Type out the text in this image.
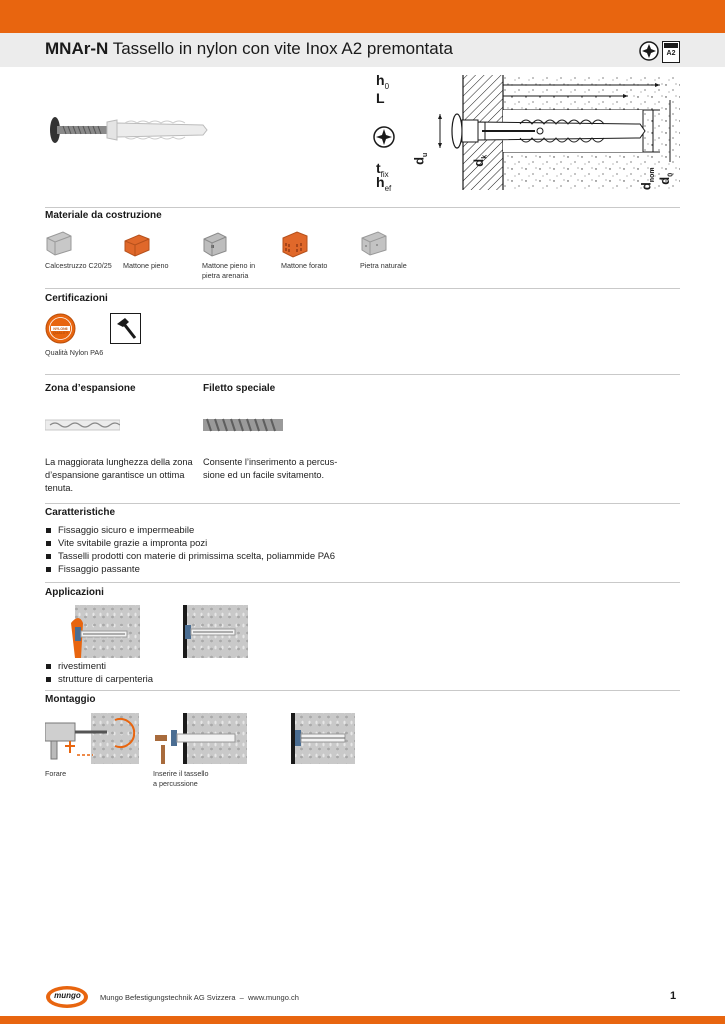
MNAr-N Tassello in nylon con vite Inox A2 premontata	A2
$h_0$
L
$t_{fix}$
$h_{ef}$
$d_u$
$d_k$
$d_{nom}$ $d_0$
Materiale da costruzione
Calcestruzzo C20/25	Mattone pieno	Mattone pieno in pietra arenaria
Mattone forato	Pietra naturale
Certificazioni
NYLON6 QUALITY
Qualità Nylon PA6
Zona d’espansione	Filetto speciale
La maggiorata lunghezza della zona d’espansione garantisce un ottima tenuta.
Consente l’inserimento a percussione ed un facile svitamento.
Caratteristiche
Fissaggio sicuro e impermeabile
Vite svitabile grazie a impronta pozi
Tasselli prodotti con materie di primissima scelta, poliammide PA6
Fissaggio passante
Applicazioni
rivestimenti
strutture di carpenteria
Montaggio
Forare	Inserire il tassello a percussione
mungo	Mungo Befestigungstechnik AG Svizzera – www.mungo.ch	1
